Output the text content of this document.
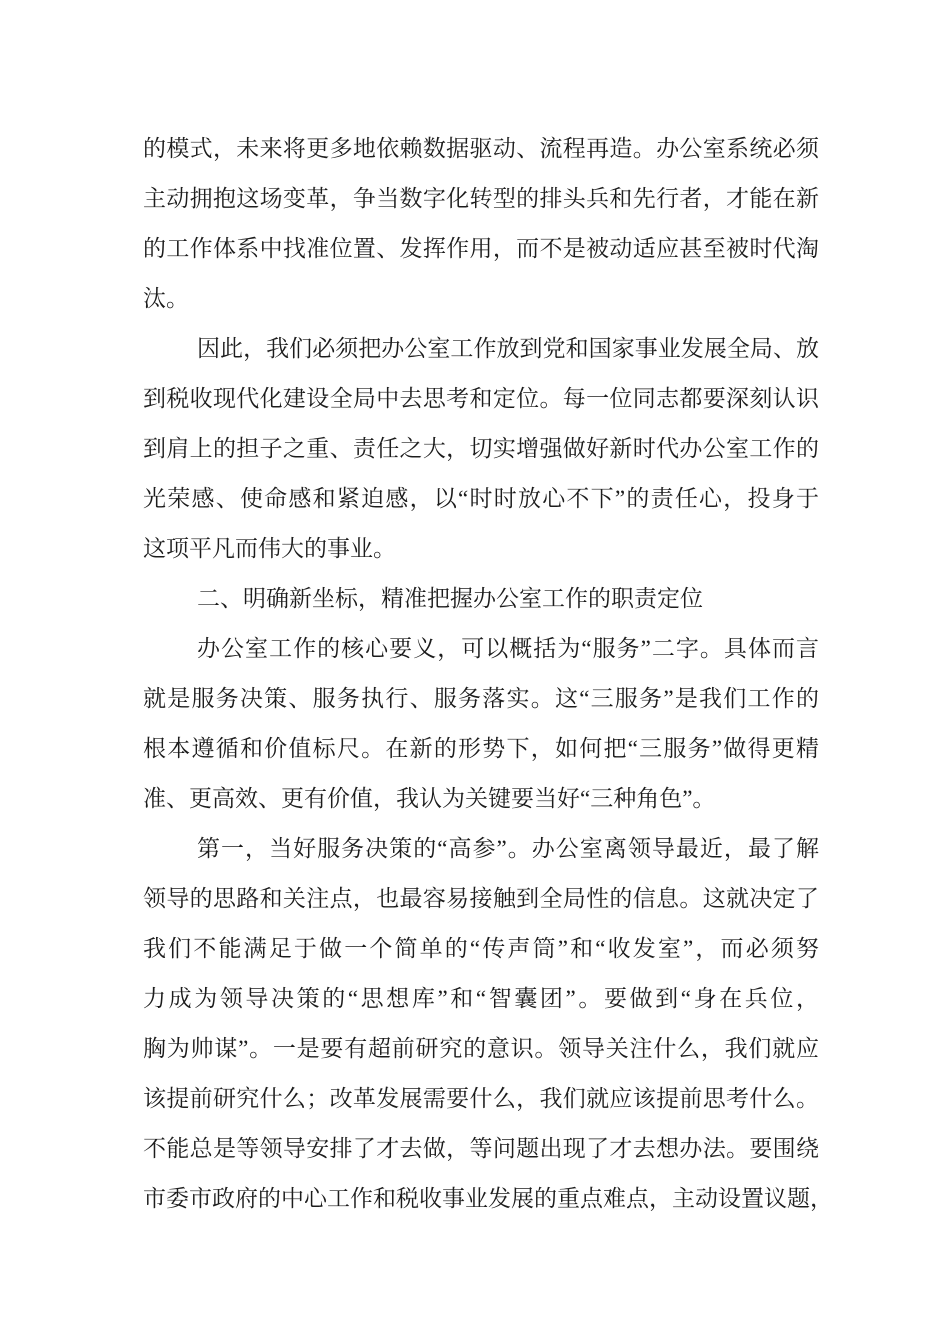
的模式，未来将更多地依赖数据驱动、流程再造。办公室系统必须
主动拥抱这场变革，争当数字化转型的排头兵和先行者，才能在新
的工作体系中找准位置、发挥作用，而不是被动适应甚至被时代淘
汰。
因此，我们必须把办公室工作放到党和国家事业发展全局、放
到税收现代化建设全局中去思考和定位。每一位同志都要深刻认识
到肩上的担子之重、责任之大，切实增强做好新时代办公室工作的
光荣感、使命感和紧迫感，以“时时放心不下”的责任心，投身于
这项平凡而伟大的事业。
二、明确新坐标，精准把握办公室工作的职责定位
办公室工作的核心要义，可以概括为“服务”二字。具体而言
就是服务决策、服务执行、服务落实。这“三服务”是我们工作的
根本遵循和价值标尺。在新的形势下，如何把“三服务”做得更精
准、更高效、更有价值，我认为关键要当好“三种角色”。
第一，当好服务决策的“高参”。办公室离领导最近，最了解
领导的思路和关注点，也最容易接触到全局性的信息。这就决定了
我们不能满足于做一个简单的“传声筒”和“收发室”，而必须努
力成为领导决策的“思想库”和“智囊团”。要做到“身在兵位，
胸为帅谋”。一是要有超前研究的意识。领导关注什么，我们就应
该提前研究什么；改革发展需要什么，我们就应该提前思考什么。
不能总是等领导安排了才去做，等问题出现了才去想办法。要围绕
市委市政府的中心工作和税收事业发展的重点难点，主动设置议题，
